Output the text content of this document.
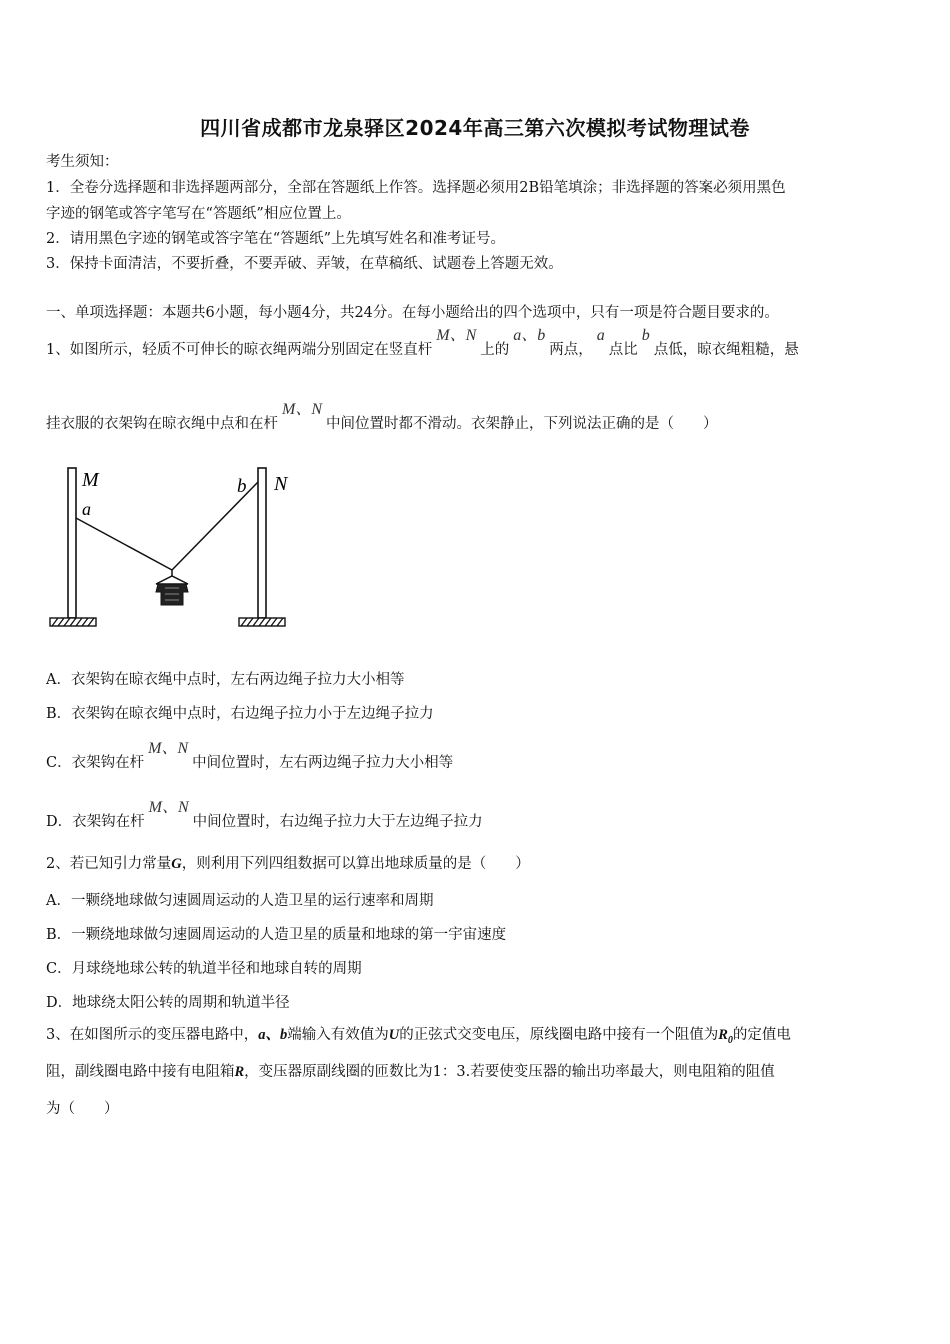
四川省成都市龙泉驿区2024年高三第六次模拟考试物理试卷
考生须知：
1．全卷分选择题和非选择题两部分，全部在答题纸上作答。选择题必须用2B铅笔填涂；非选择题的答案必须用黑色
字迹的钢笔或答字笔写在“答题纸”相应位置上。
2．请用黑色字迹的钢笔或答字笔在“答题纸”上先填写姓名和准考证号。
3．保持卡面清洁，不要折叠，不要弄破、弄皱，在草稿纸、试题卷上答题无效。
一、单项选择题：本题共6小题，每小题4分，共24分。在每小题给出的四个选项中，只有一项是符合题目要求的。
1、如图所示，轻质不可伸长的晾衣绳两端分别固定在竖直杆M、N上的a、b两点，a点比b点低，晾衣绳粗糙，悬
挂衣服的衣架钩在晾衣绳中点和在杆M、N中间位置时都不滑动。衣架静止，下列说法正确的是（　　）
M
a
b N
A．衣架钩在晾衣绳中点时，左右两边绳子拉力大小相等
B．衣架钩在晾衣绳中点时，右边绳子拉力小于左边绳子拉力
C．衣架钩在杆M、N中间位置时，左右两边绳子拉力大小相等
D．衣架钩在杆M、N中间位置时，右边绳子拉力大于左边绳子拉力
2、若已知引力常量G，则利用下列四组数据可以算出地球质量的是（　　）
A．一颗绕地球做匀速圆周运动的人造卫星的运行速率和周期
B．一颗绕地球做匀速圆周运动的人造卫星的质量和地球的第一宇宙速度
C．月球绕地球公转的轨道半径和地球自转的周期
D．地球绕太阳公转的周期和轨道半径
3、在如图所示的变压器电路中，a、b端输入有效值为U的正弦式交变电压，原线圈电路中接有一个阻值为$R_0$的定值电
阻，副线圈电路中接有电阻箱R，变压器原副线圈的匝数比为1：3.若要使变压器的输出功率最大，则电阻箱的阻值
为（　　）
